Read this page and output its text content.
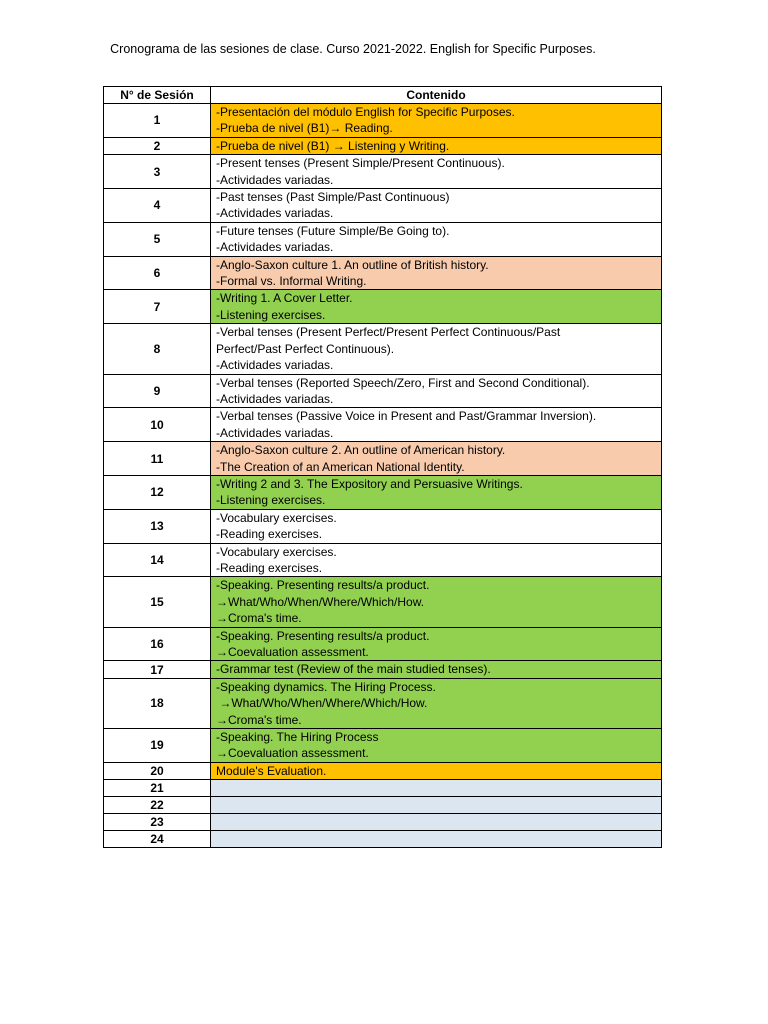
Cronograma de las sesiones de clase. Curso 2021-2022. English for Specific Purposes.
N° de Sesión	Contenido
1	-Presentación del módulo English for Specific Purposes.
-Prueba de nivel (B1)→ Reading.

2	-Prueba de nivel (B1) → Listening y Writing.

3	-Present tenses (Present Simple/Present Continuous).
-Actividades variadas.

4	-Past tenses (Past Simple/Past Continuous)
-Actividades variadas.

5	-Future tenses (Future Simple/Be Going to).
-Actividades variadas.

6	-Anglo-Saxon culture 1. An outline of British history.
-Formal vs. Informal Writing.

7	-Writing 1. A Cover Letter.
-Listening exercises.

8	-Verbal tenses (Present Perfect/Present Perfect Continuous/Past
Perfect/Past Perfect Continuous).
-Actividades variadas.

9	-Verbal tenses (Reported Speech/Zero, First and Second Conditional).
-Actividades variadas.

10	-Verbal tenses (Passive Voice in Present and Past/Grammar Inversion).
-Actividades variadas.

11	-Anglo-Saxon culture 2. An outline of American history.
-The Creation of an American National Identity.

12	-Writing 2 and 3. The Expository and Persuasive Writings.
-Listening exercises.

13	-Vocabulary exercises.
-Reading exercises.

14	-Vocabulary exercises.
-Reading exercises.

15	-Speaking. Presenting results/a product.
→What/Who/When/Where/Which/How.
→Croma's time.

16	-Speaking. Presenting results/a product.
→Coevaluation assessment.

17	-Grammar test (Review of the main studied tenses).

18	-Speaking dynamics. The Hiring Process.
→What/Who/When/Where/Which/How.
→Croma's time.

19	-Speaking. The Hiring Process
→Coevaluation assessment.

20	Module's Evaluation.

21	
22	
23	
24	
